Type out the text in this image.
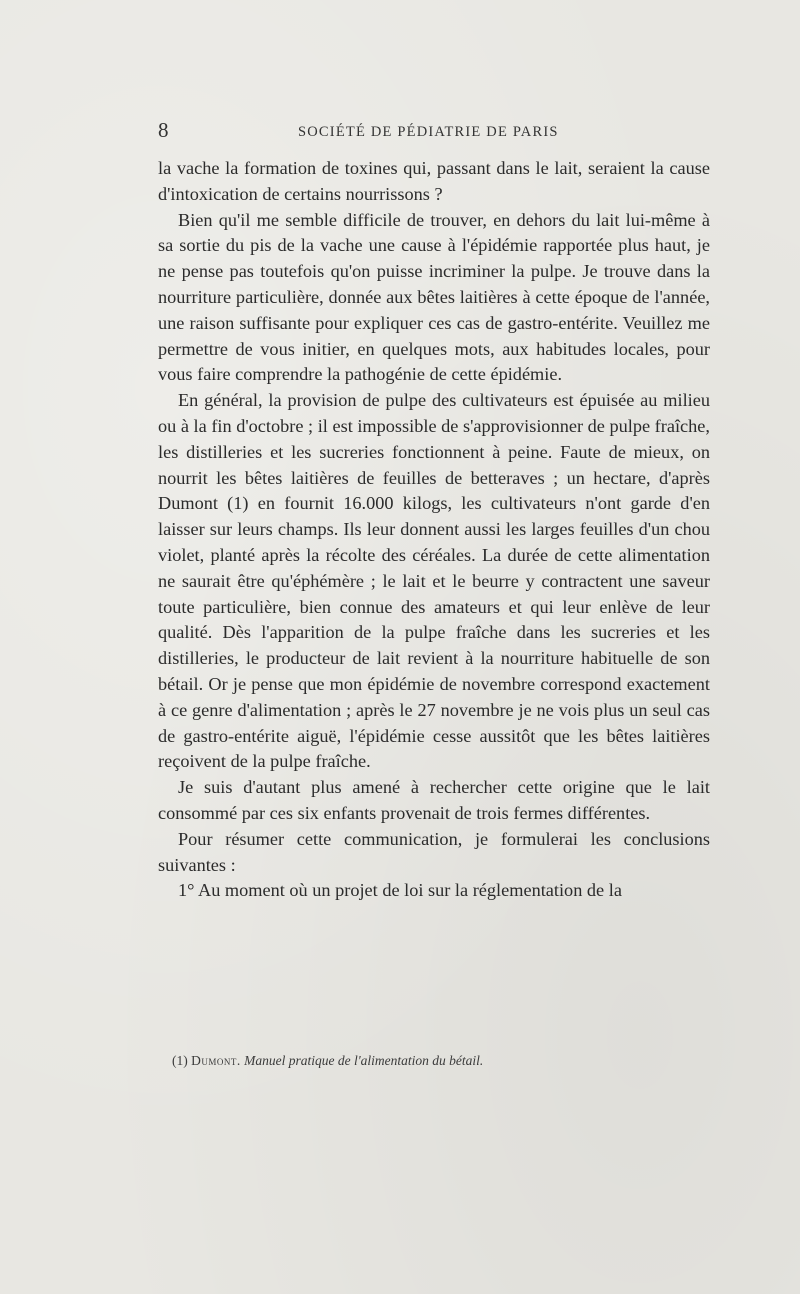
8	SOCIÉTÉ DE PÉDIATRIE DE PARIS

la vache la formation de toxines qui, passant dans le lait, seraient la cause d'intoxication de certains nourrissons ?

Bien qu'il me semble difficile de trouver, en dehors du lait lui-même à sa sortie du pis de la vache une cause à l'épidémie rapportée plus haut, je ne pense pas toutefois qu'on puisse incriminer la pulpe. Je trouve dans la nourriture particulière, donnée aux bêtes laitières à cette époque de l'année, une raison suffisante pour expliquer ces cas de gastro-entérite. Veuillez me permettre de vous initier, en quelques mots, aux habitudes locales, pour vous faire comprendre la pathogénie de cette épidémie.

En général, la provision de pulpe des cultivateurs est épuisée au milieu ou à la fin d'octobre ; il est impossible de s'approvisionner de pulpe fraîche, les distilleries et les sucreries fonctionnent à peine. Faute de mieux, on nourrit les bêtes laitières de feuilles de betteraves ; un hectare, d'après Dumont (1) en fournit 16.000 kilogs, les cultivateurs n'ont garde d'en laisser sur leurs champs. Ils leur donnent aussi les larges feuilles d'un chou violet, planté après la récolte des céréales. La durée de cette alimentation ne saurait être qu'éphémère ; le lait et le beurre y contractent une saveur toute particulière, bien connue des amateurs et qui leur enlève de leur qualité. Dès l'apparition de la pulpe fraîche dans les sucreries et les distilleries, le producteur de lait revient à la nourriture habituelle de son bétail. Or je pense que mon épidémie de novembre correspond exactement à ce genre d'alimentation ; après le 27 novembre je ne vois plus un seul cas de gastro-entérite aiguë, l'épidémie cesse aussitôt que les bêtes laitières reçoivent de la pulpe fraîche.

Je suis d'autant plus amené à rechercher cette origine que le lait consommé par ces six enfants provenait de trois fermes différentes.

Pour résumer cette communication, je formulerai les conclusions suivantes :

1° Au moment où un projet de loi sur la réglementation de la

(1) Dumont. Manuel pratique de l'alimentation du bétail.
